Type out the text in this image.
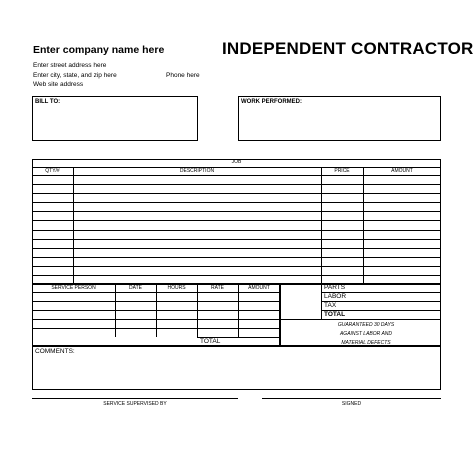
Enter company name here	INDEPENDENT CONTRACTOR
Enter street address here
Enter city, state, and zip here	Phone here
Web site address
BILL TO:	WORK PERFORMED:
JOB
QTY/#	DESCRIPTION	PRICE	AMOUNT
SERVICE PERSON	DATE	HOURS	RATE	AMOUNT
TOTAL
PARTS
LABOR
TAX
TOTAL
GUARANTEED 30 DAYS
AGAINST LABOR AND
MATERIAL DEFECTS
COMMENTS:
SERVICE SUPERVISED BY	SIGNED
